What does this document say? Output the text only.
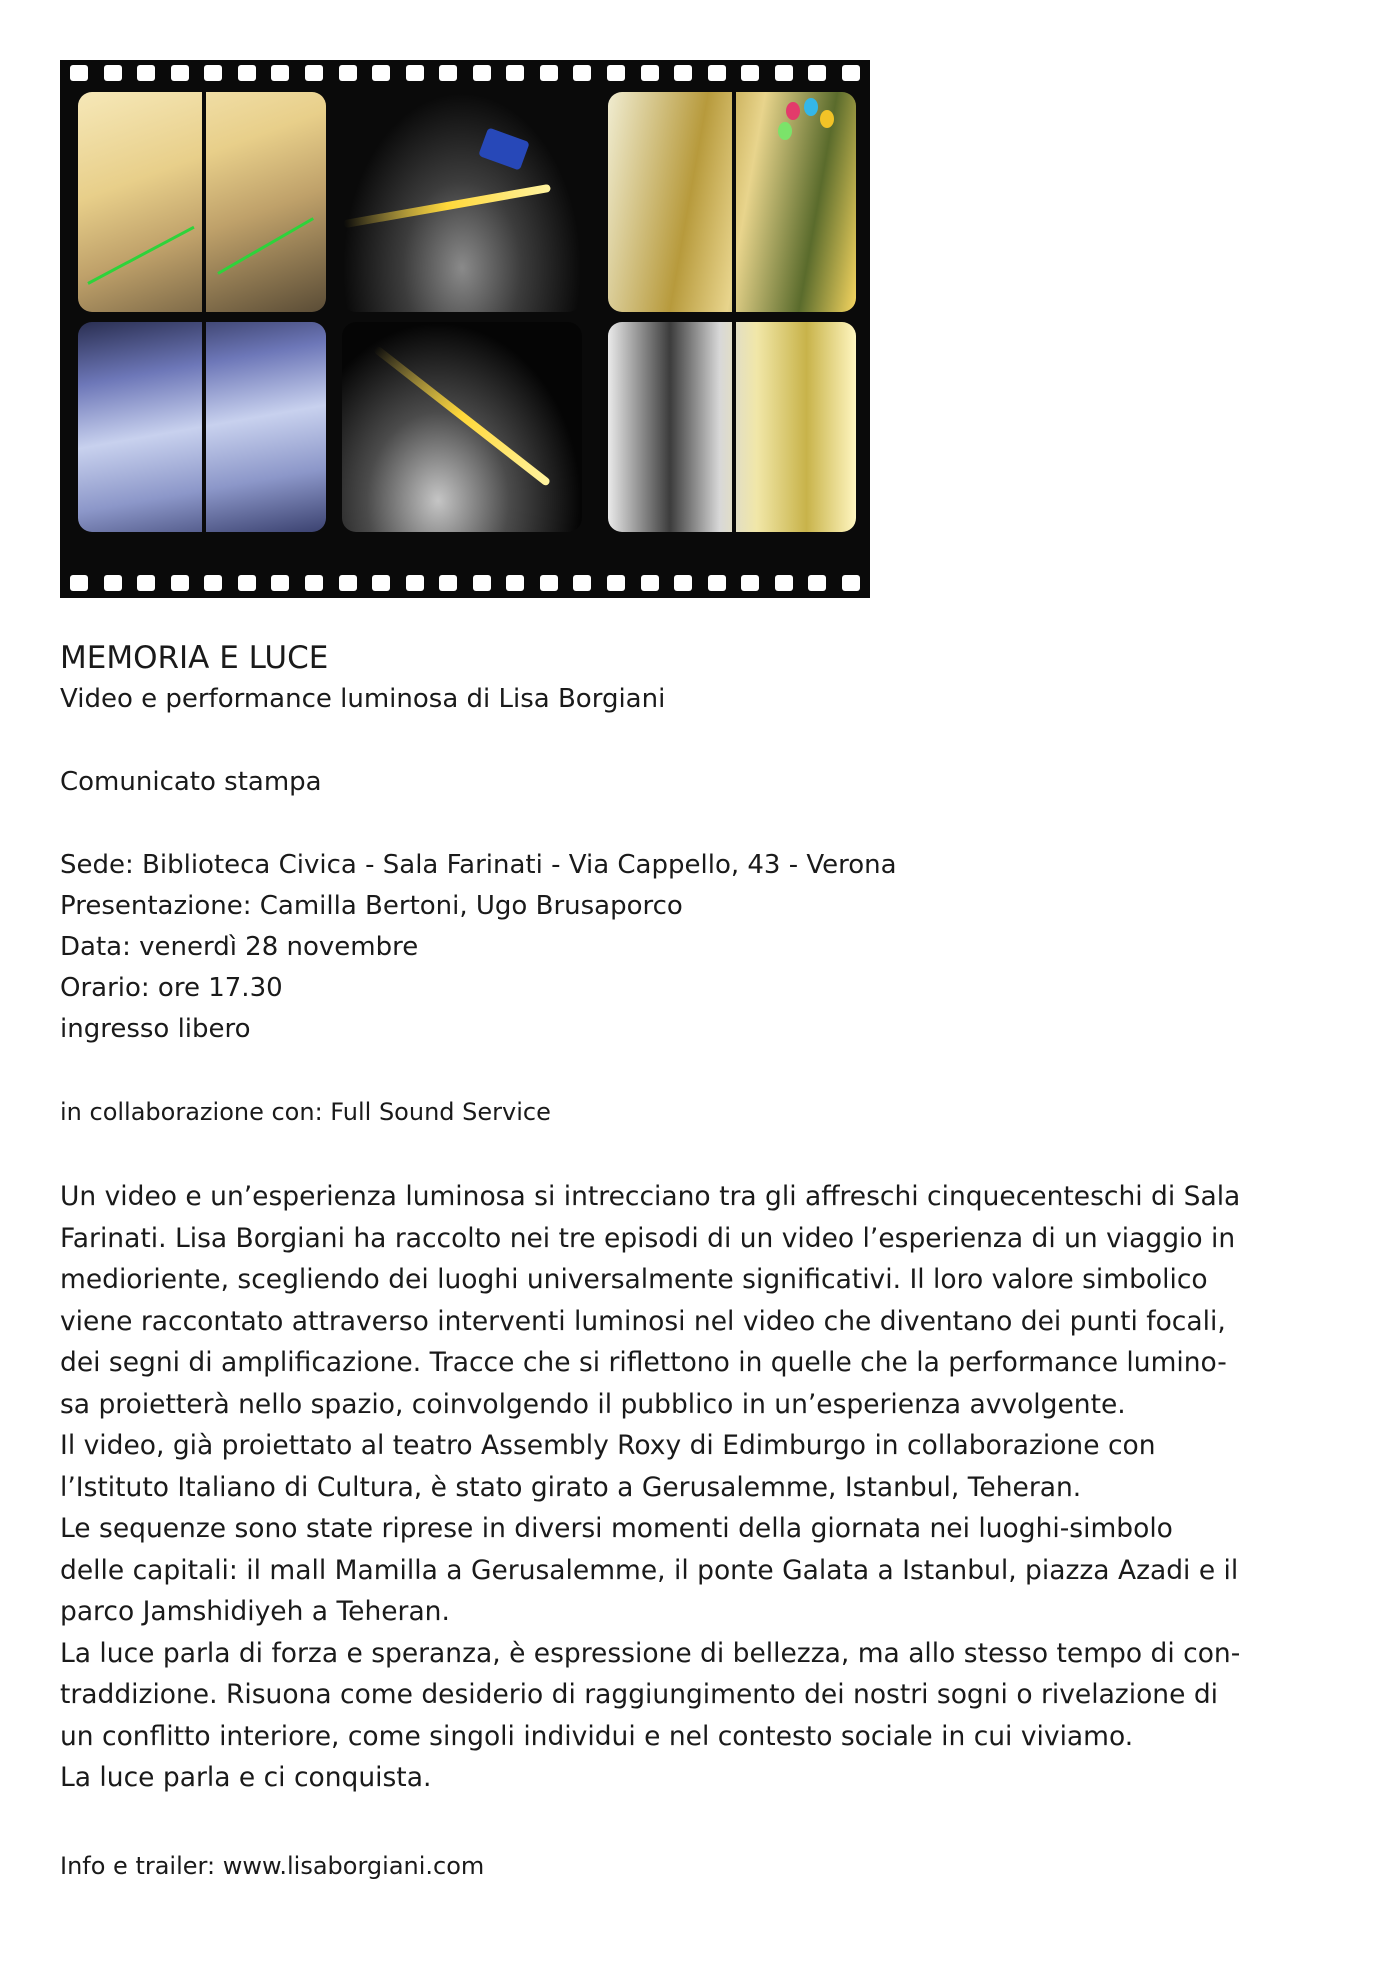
MEMORIA E LUCE
Video e performance luminosa di Lisa Borgiani
Comunicato stampa
Sede: Biblioteca Civica - Sala Farinati - Via Cappello, 43 - Verona
Presentazione: Camilla Bertoni, Ugo Brusaporco
Data: venerdì 28 novembre
Orario: ore 17.30
ingresso libero
in collaborazione con: Full Sound Service
Un video e un’esperienza luminosa si intrecciano tra gli affreschi cinquecenteschi di Sala
Farinati. Lisa Borgiani ha raccolto nei tre episodi di un video l’esperienza di un viaggio in
medioriente, scegliendo dei luoghi universalmente significativi. Il loro valore simbolico
viene raccontato attraverso interventi luminosi nel video che diventano dei punti focali,
dei segni di amplificazione. Tracce che si riflettono in quelle che la performance lumino-
sa proietterà nello spazio, coinvolgendo il pubblico in un’esperienza avvolgente.
Il video, già proiettato al teatro Assembly Roxy di Edimburgo in collaborazione con
l’Istituto Italiano di Cultura, è stato girato a Gerusalemme, Istanbul, Teheran.
Le sequenze sono state riprese in diversi momenti della giornata nei luoghi-simbolo
delle capitali: il mall Mamilla a Gerusalemme, il ponte Galata a Istanbul, piazza Azadi e il
parco Jamshidiyeh a Teheran.
La luce parla di forza e speranza, è espressione di bellezza, ma allo stesso tempo di con-
traddizione. Risuona come desiderio di raggiungimento dei nostri sogni o rivelazione di
un conflitto interiore, come singoli individui e nel contesto sociale in cui viviamo.
La luce parla e ci conquista.
Info e trailer: www.lisaborgiani.com
